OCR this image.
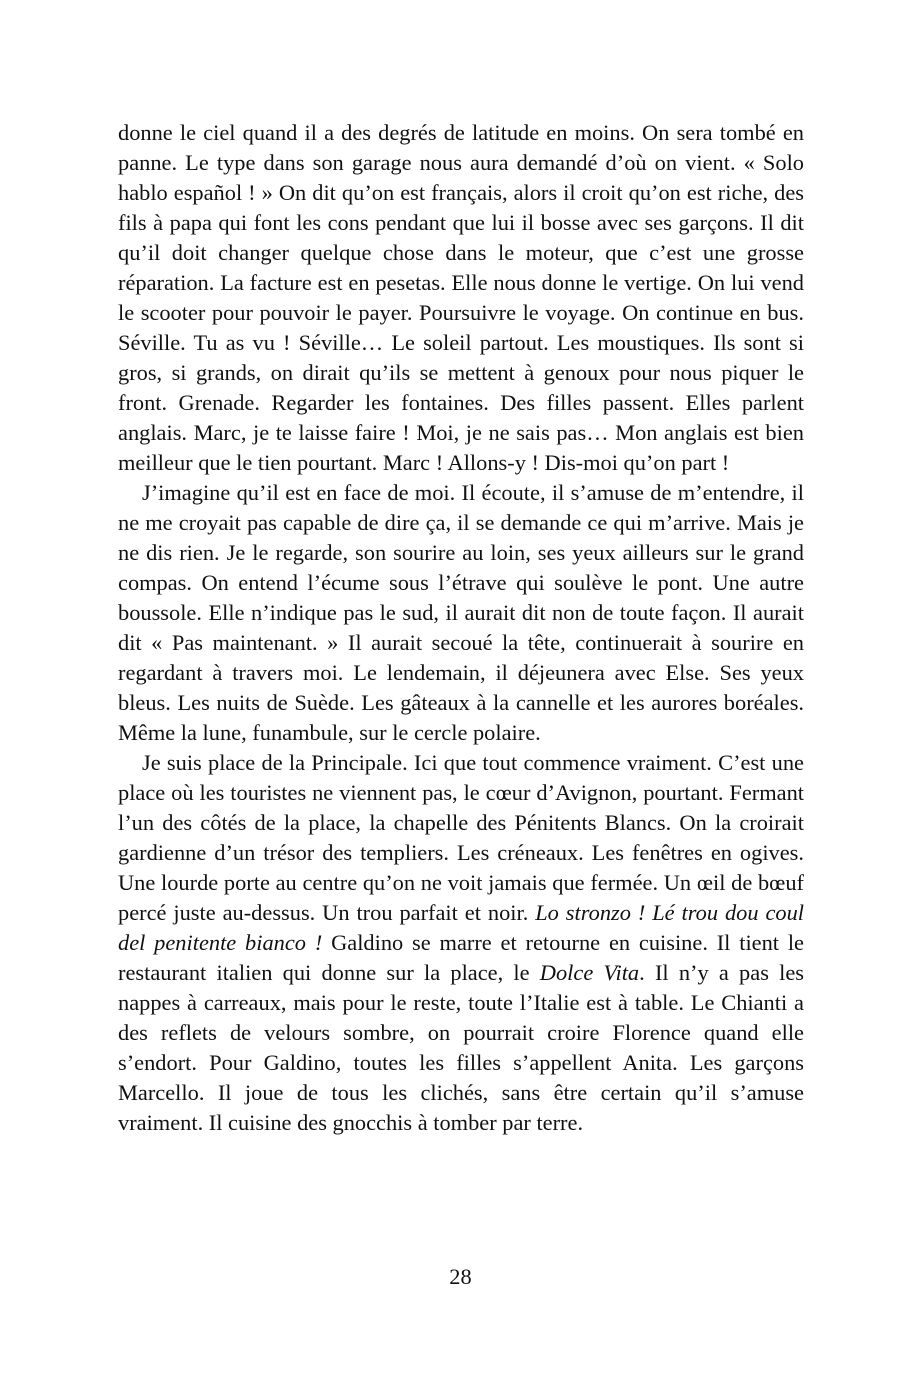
donne le ciel quand il a des degrés de latitude en moins. On sera tombé en panne. Le type dans son garage nous aura demandé d’où on vient. « Solo hablo español ! » On dit qu’on est français, alors il croit qu’on est riche, des fils à papa qui font les cons pendant que lui il bosse avec ses garçons. Il dit qu’il doit changer quelque chose dans le moteur, que c’est une grosse réparation. La facture est en pesetas. Elle nous donne le vertige. On lui vend le scooter pour pouvoir le payer. Poursuivre le voyage. On continue en bus. Séville. Tu as vu ! Séville… Le soleil partout. Les moustiques. Ils sont si gros, si grands, on dirait qu’ils se mettent à genoux pour nous piquer le front. Grenade. Regarder les fontaines. Des filles passent. Elles parlent anglais. Marc, je te laisse faire ! Moi, je ne sais pas… Mon anglais est bien meilleur que le tien pourtant. Marc ! Allons-y ! Dis-moi qu’on part !

J’imagine qu’il est en face de moi. Il écoute, il s’amuse de m’entendre, il ne me croyait pas capable de dire ça, il se demande ce qui m’arrive. Mais je ne dis rien. Je le regarde, son sourire au loin, ses yeux ailleurs sur le grand compas. On entend l’écume sous l’étrave qui soulève le pont. Une autre boussole. Elle n’indique pas le sud, il aurait dit non de toute façon. Il aurait dit « Pas maintenant. » Il aurait secoué la tête, continuerait à sourire en regardant à travers moi. Le lendemain, il déjeunera avec Else. Ses yeux bleus. Les nuits de Suède. Les gâteaux à la cannelle et les aurores boréales. Même la lune, funambule, sur le cercle polaire.

Je suis place de la Principale. Ici que tout commence vraiment. C’est une place où les touristes ne viennent pas, le cœur d’Avignon, pourtant. Fermant l’un des côtés de la place, la chapelle des Pénitents Blancs. On la croirait gardienne d’un trésor des templiers. Les créneaux. Les fenêtres en ogives. Une lourde porte au centre qu’on ne voit jamais que fermée. Un œil de bœuf percé juste au-dessus. Un trou parfait et noir. Lo stronzo ! Lé trou dou coul del penitente bianco ! Galdino se marre et retourne en cuisine. Il tient le restaurant italien qui donne sur la place, le Dolce Vita. Il n’y a pas les nappes à carreaux, mais pour le reste, toute l’Italie est à table. Le Chianti a des reflets de velours sombre, on pourrait croire Florence quand elle s’endort. Pour Galdino, toutes les filles s’appellent Anita. Les garçons Marcello. Il joue de tous les clichés, sans être certain qu’il s’amuse vraiment. Il cuisine des gnocchis à tomber par terre.

28
